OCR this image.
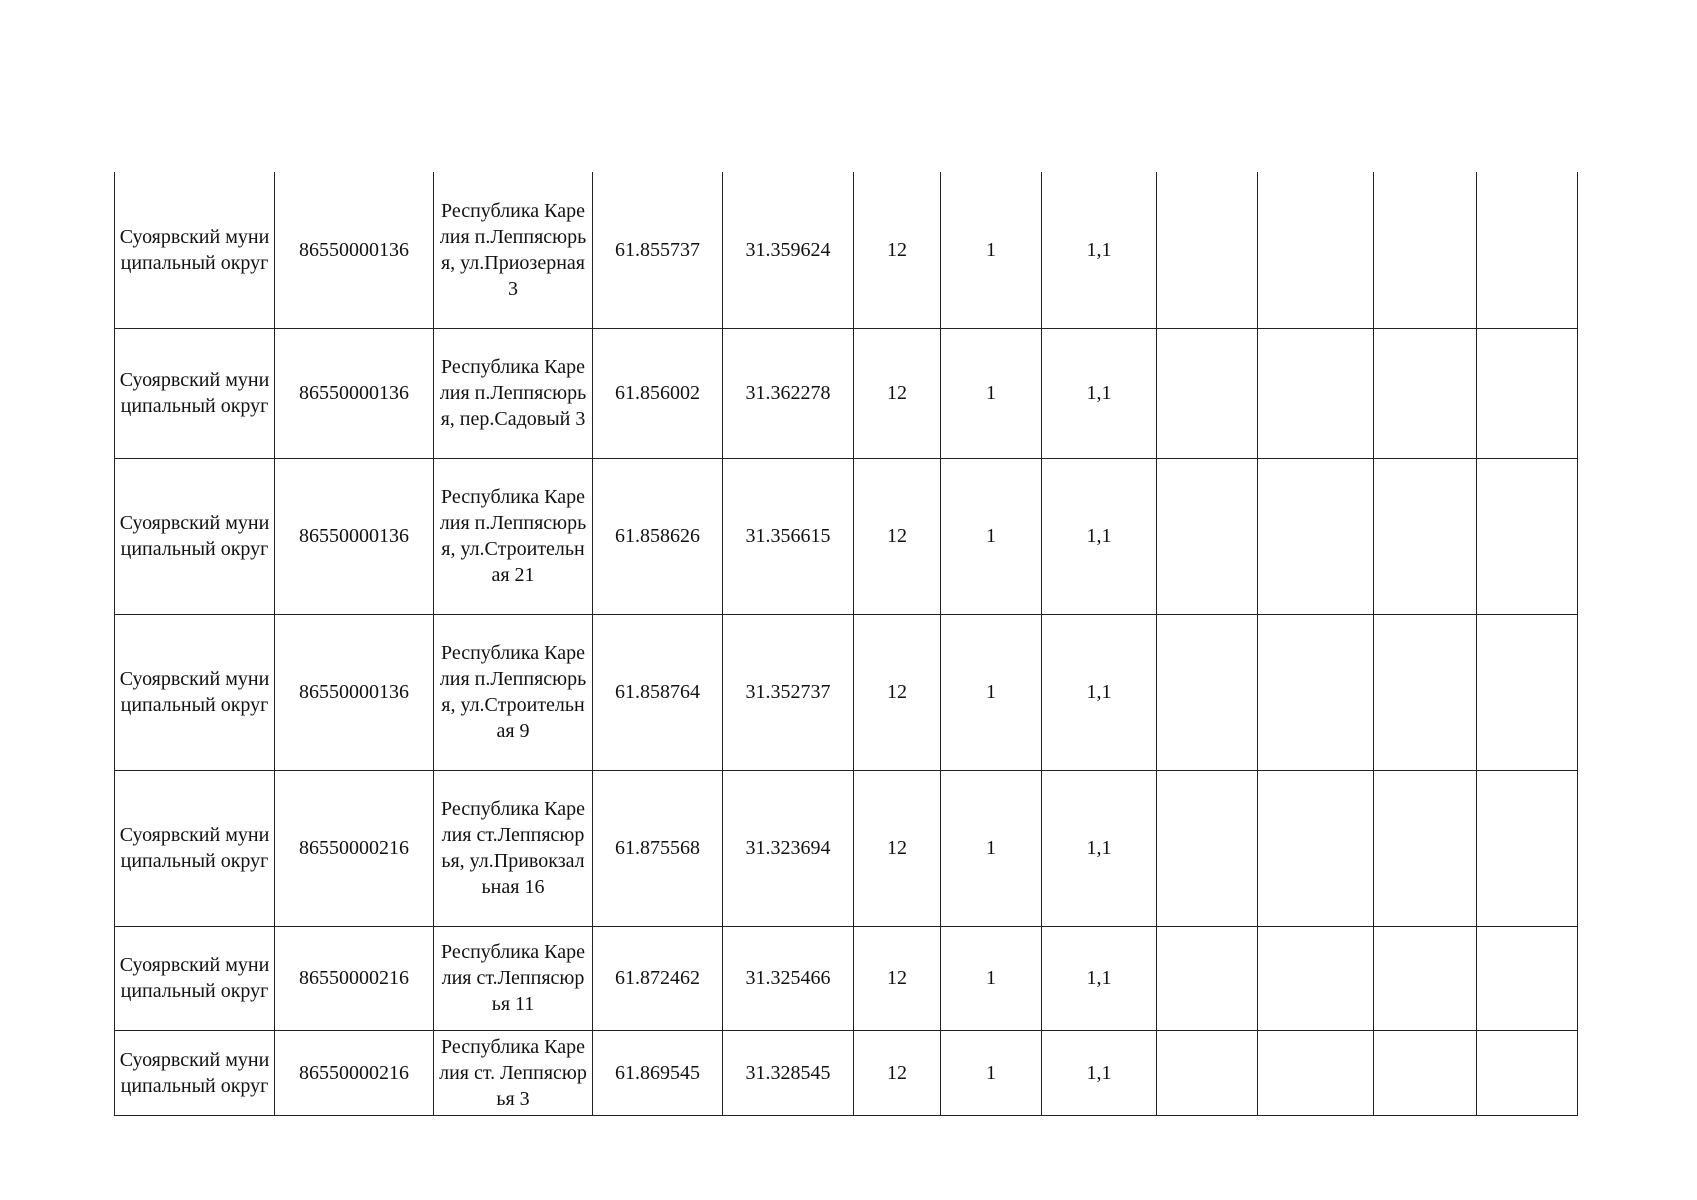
Суоярвский муниципальный округ	86550000136	Республика Карелия п.Леппясюрья, ул.Приозерная 3	61.855737	31.359624	12	1	1,1				

Суоярвский муниципальный округ	86550000136	Республика Карелия п.Леппясюрья, пер.Садовый 3	61.856002	31.362278	12	1	1,1				

Суоярвский муниципальный округ	86550000136	Республика Карелия п.Леппясюрья, ул.Строительная 21	61.858626	31.356615	12	1	1,1				

Суоярвский муниципальный округ	86550000136	Республика Карелия п.Леппясюрья, ул.Строительная 9	61.858764	31.352737	12	1	1,1				

Суоярвский муниципальный округ	86550000216	Республика Карелия ст.Леппясюрья, ул.Привокзальная 16	61.875568	31.323694	12	1	1,1				

Суоярвский муниципальный округ	86550000216	Республика Карелия ст.Леппясюрья 11	61.872462	31.325466	12	1	1,1				

Суоярвский муниципальный округ	86550000216	Республика Карелия ст. Леппясюрья 3	61.869545	31.328545	12	1	1,1				
